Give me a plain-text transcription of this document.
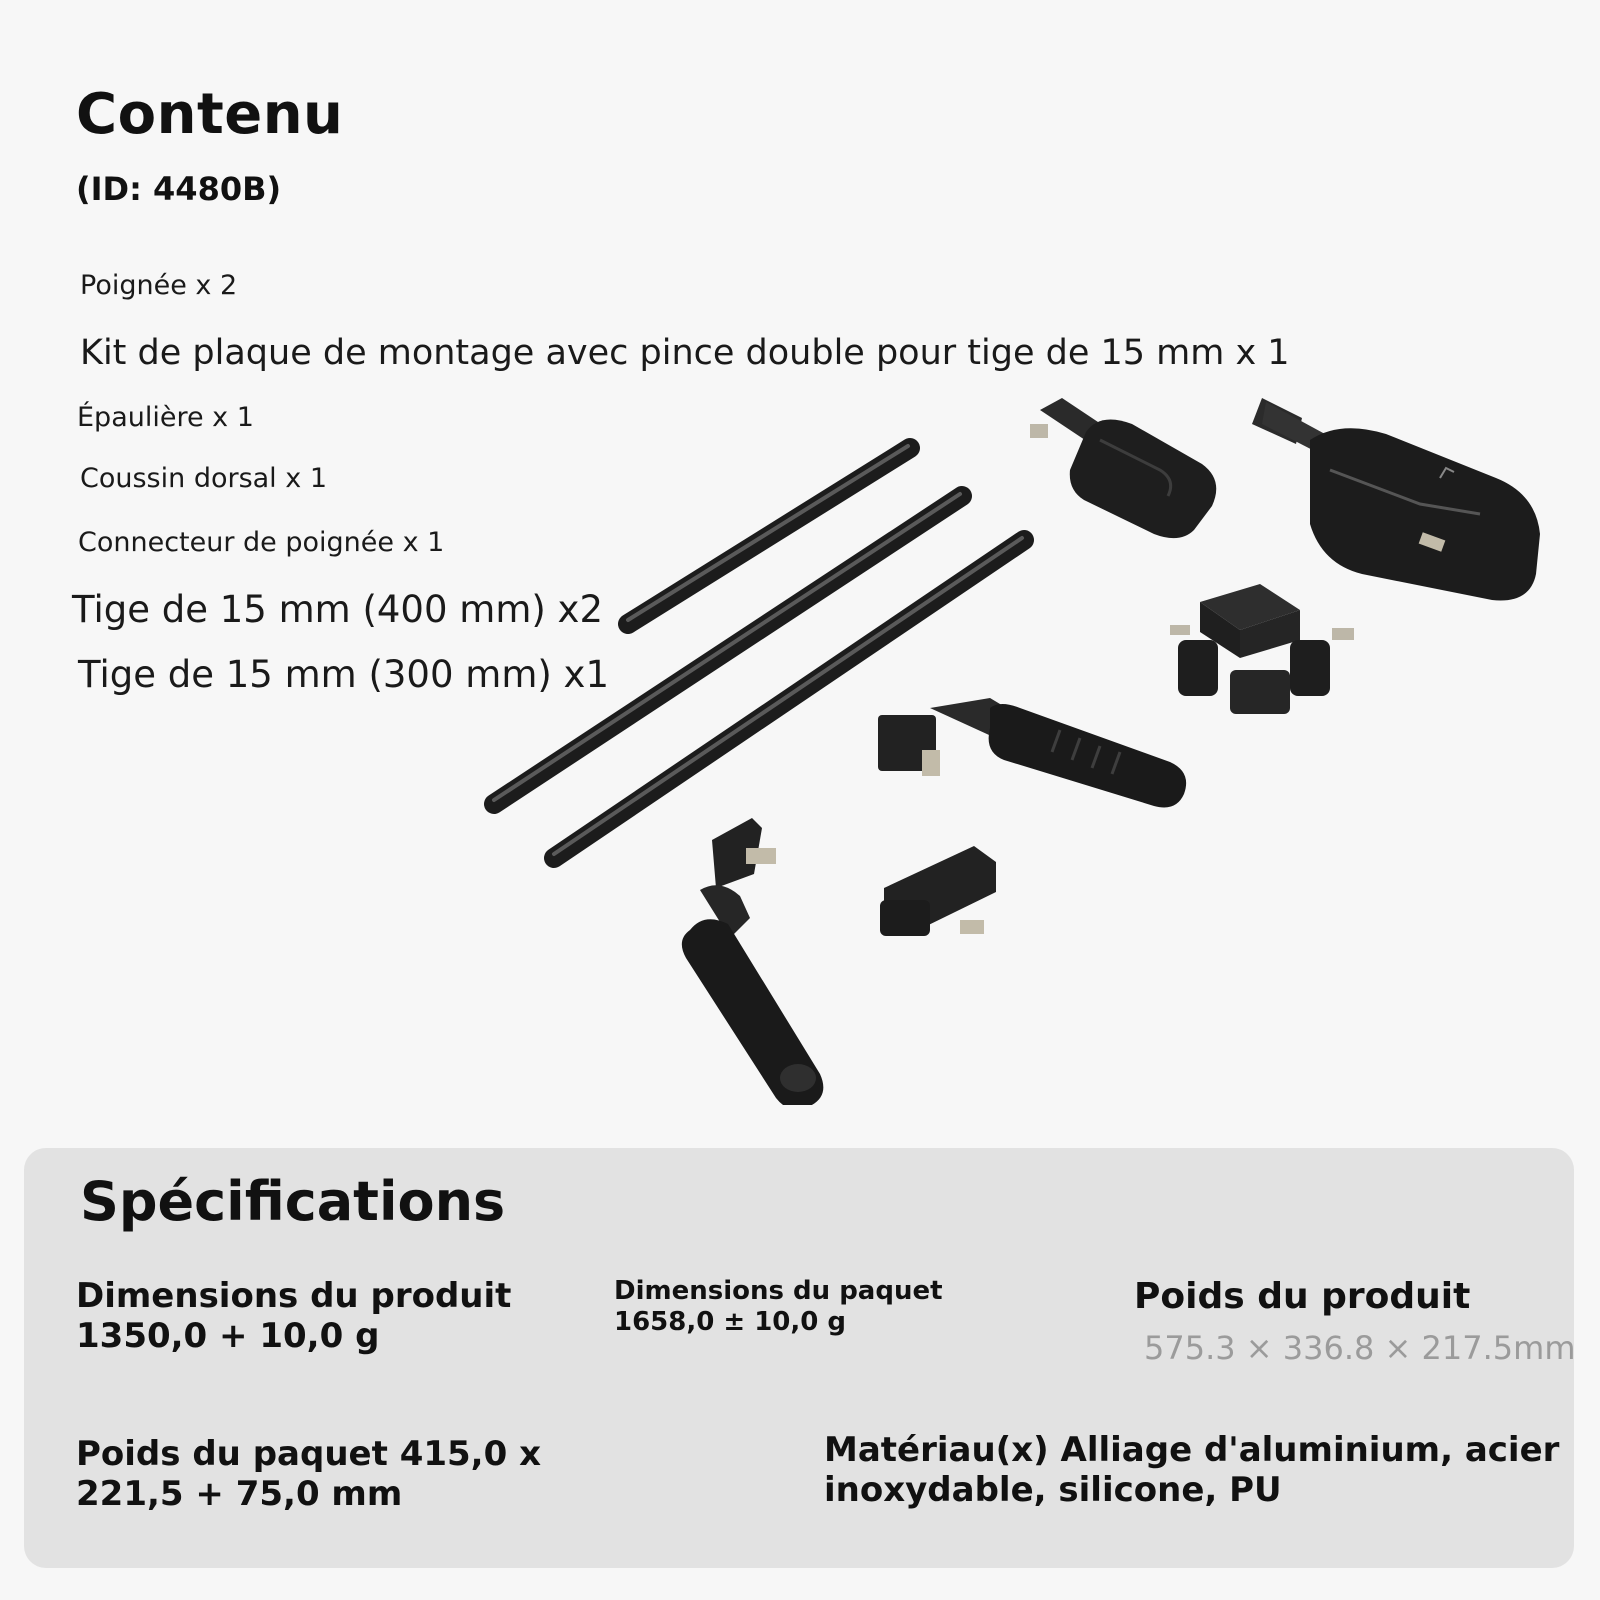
Contenu
(ID: 4480B)
Poignée x 2
Kit de plaque de montage avec pince double pour tige de 15 mm x 1
Épaulière x 1
Coussin dorsal x 1
Connecteur de poignée x 1
Tige de 15 mm (400 mm) x2
Tige de 15 mm (300 mm) x1
Spécifications
Dimensions du produit 1350,0 + 10,0 g
Dimensions du paquet 1658,0 ± 10,0 g
Poids du produit
575.3 × 336.8 × 217.5mm
Poids du paquet 415,0 x 221,5 + 75,0 mm
Matériau(x) Alliage d'aluminium, acier inoxydable, silicone, PU
